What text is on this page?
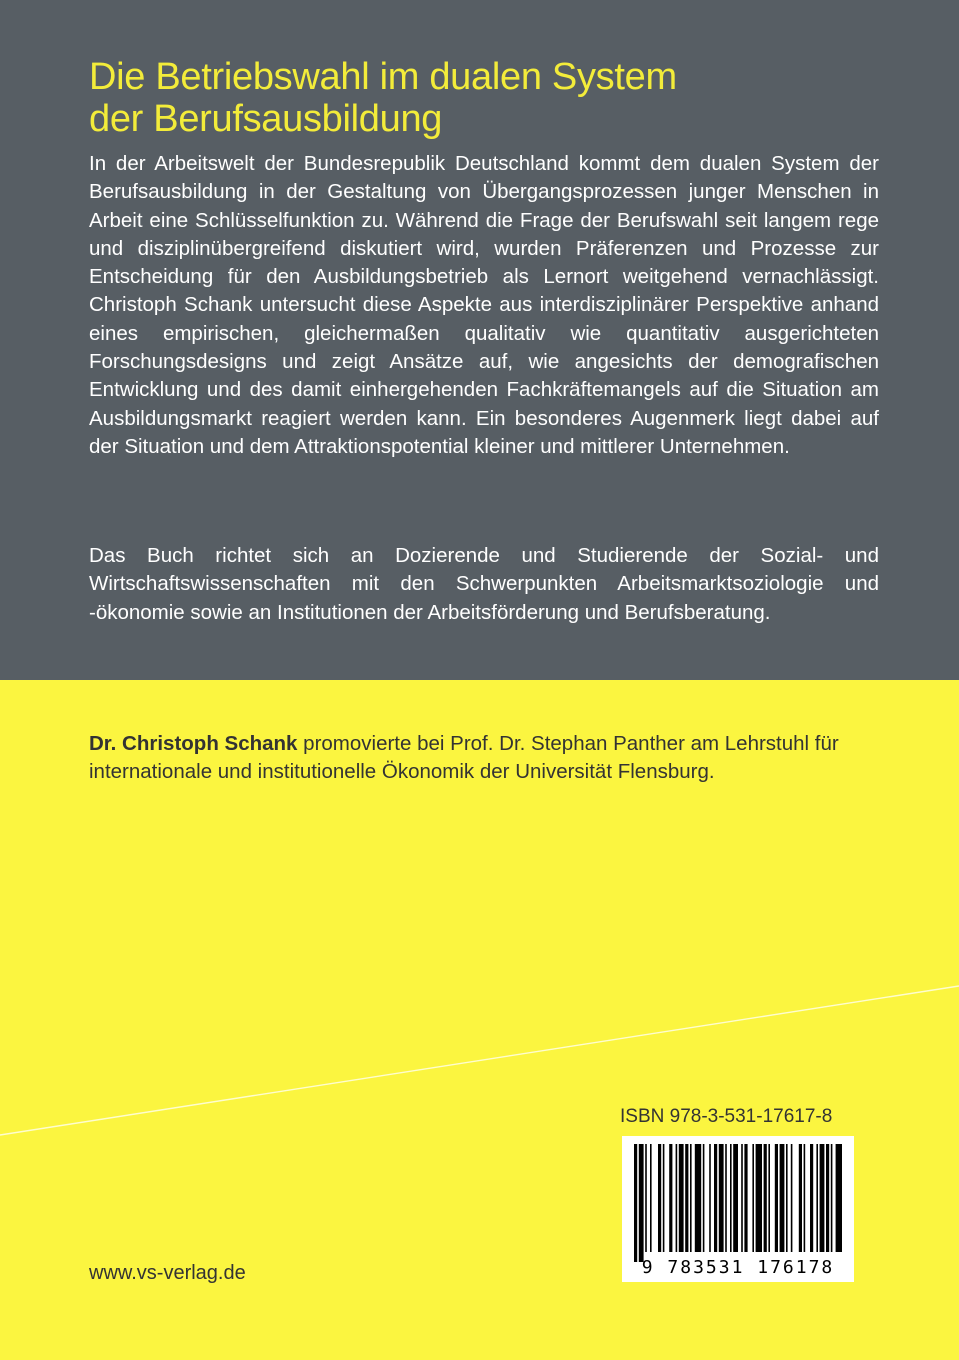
Die Betriebswahl im dualen System
der Berufsausbildung

In der Arbeitswelt der Bundesrepublik Deutschland kommt dem dualen System der Berufsausbildung in der Gestaltung von Übergangsprozessen junger Menschen in Arbeit eine Schlüsselfunktion zu. Während die Frage der Berufswahl seit langem rege und disziplinübergreifend diskutiert wird, wurden Präferenzen und Prozesse zur Entscheidung für den Ausbildungsbetrieb als Lernort weitgehend vernachlässigt. Christoph Schank untersucht diese Aspekte aus interdisziplinärer Perspektive anhand eines empirischen, gleichermaßen qualitativ wie quantitativ ausgerichteten Forschungsdesigns und zeigt Ansätze auf, wie angesichts der demografischen Entwicklung und des damit einhergehenden Fachkräftemangels auf die Situation am Ausbildungsmarkt reagiert werden kann. Ein besonderes Augenmerk liegt dabei auf der Situation und dem Attraktionspotential kleiner und mittlerer Unternehmen.

Das Buch richtet sich an Dozierende und Studierende der Sozial- und Wirtschaftswissenschaften mit den Schwerpunkten Arbeitsmarktsoziologie und -ökonomie sowie an Institutionen der Arbeitsförderung und Berufsberatung.

Dr. Christoph Schank promovierte bei Prof. Dr. Stephan Panther am Lehrstuhl für internationale und institutionelle Ökonomik der Universität Flensburg.

ISBN 978-3-531-17617-8

9 783531 176178

www.vs-verlag.de
